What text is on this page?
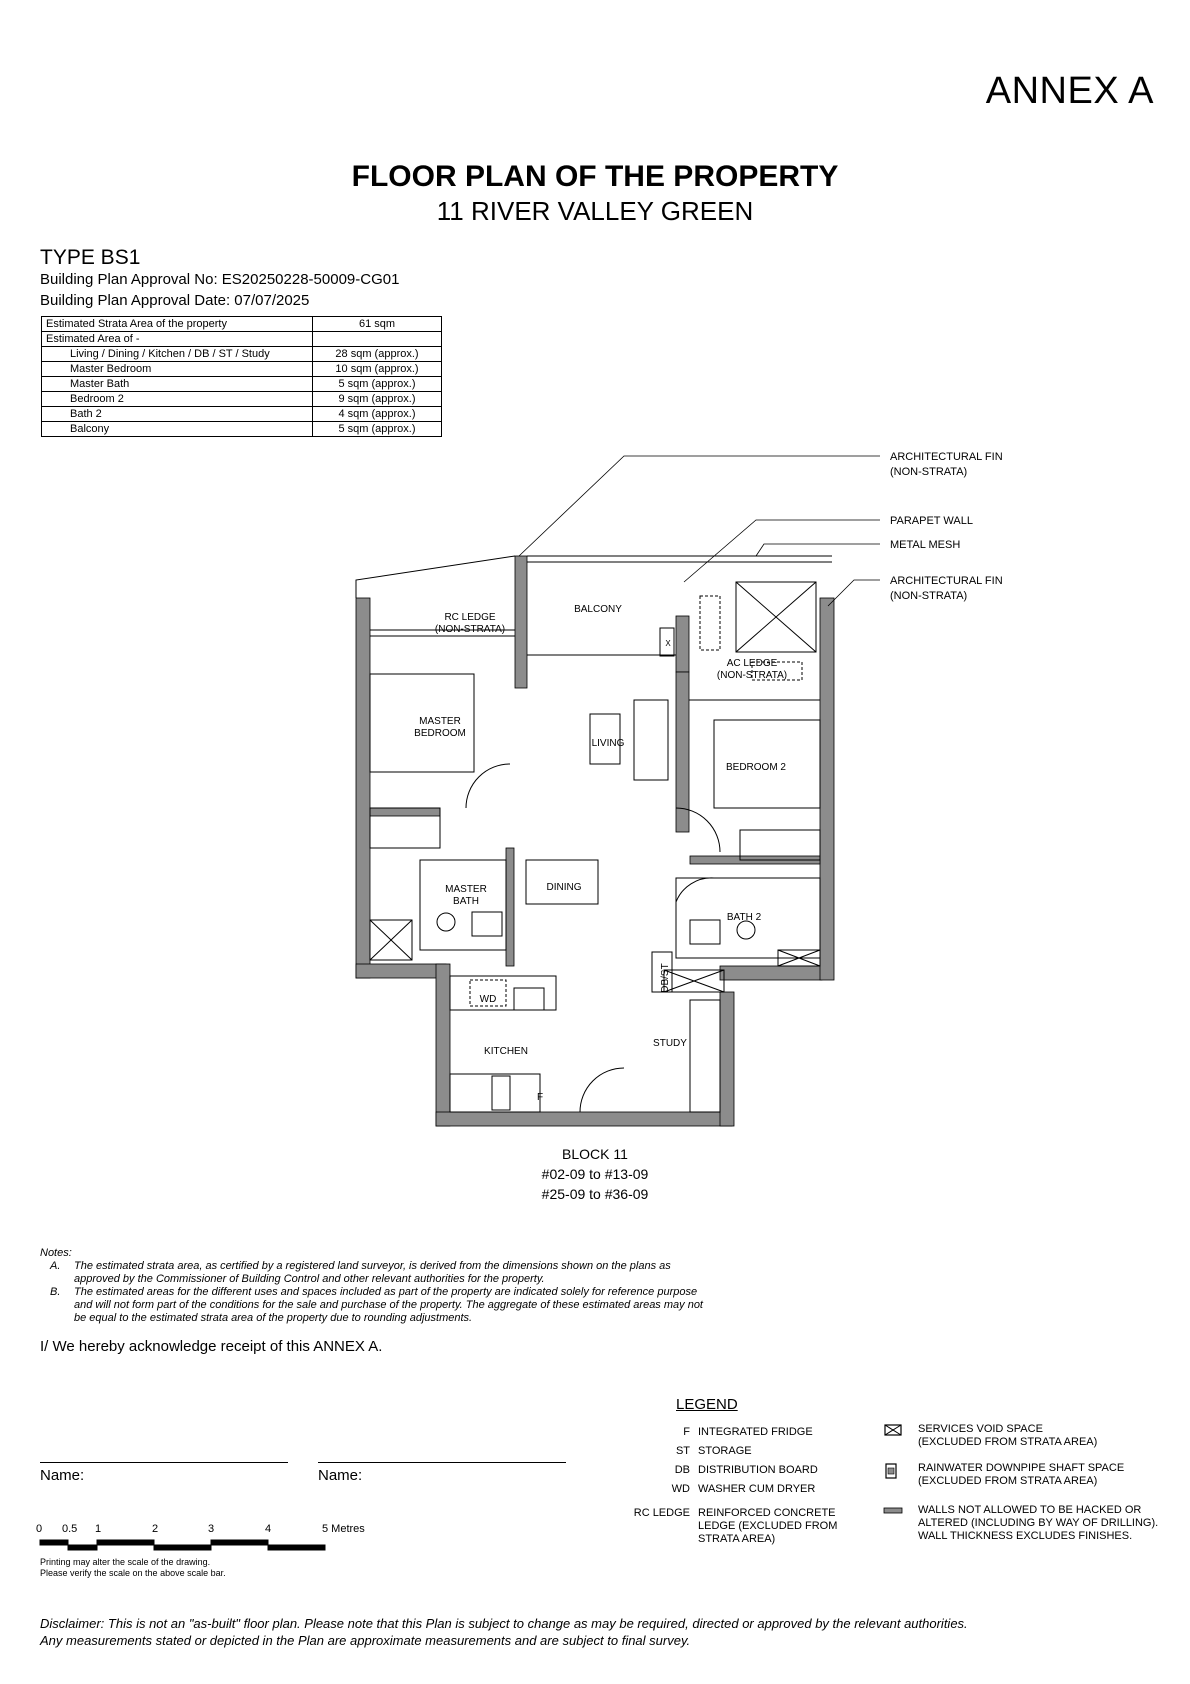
ANNEX A
FLOOR PLAN OF THE PROPERTY
11 RIVER VALLEY GREEN
TYPE BS1
Building Plan Approval No: ES20250228-50009-CG01
Building Plan Approval Date: 07/07/2025
Estimated Strata Area of the property	61 sqm
Estimated Area of -	
Living / Dining / Kitchen / DB / ST / Study	28 sqm (approx.)
Master Bedroom	10 sqm (approx.)
Master Bath	5 sqm (approx.)
Bedroom 2	9 sqm (approx.)
Bath 2	4 sqm (approx.)
Balcony	5 sqm (approx.)
ARCHITECTURAL FIN
(NON-STRATA)
PARAPET WALL
METAL MESH
ARCHITECTURAL FIN
(NON-STRATA)
RC LEDGE
(NON-STRATA)
BALCONY
AC LEDGE
(NON-STRATA)
MASTER
BEDROOM
LIVING
BEDROOM 2
MASTER
BATH
DINING
BATH 2
WD
KITCHEN
STUDY
F
X
DB/ST
BLOCK 11
#02-09 to #13-09
#25-09 to #36-09
Notes:
A.	The estimated strata area, as certified by a registered land surveyor, is derived from the dimensions shown on the plans as approved by the Commissioner of Building Control and other relevant authorities for the property.
B.	The estimated areas for the different uses and spaces included as part of the property are indicated solely for reference purpose and will not form part of the conditions for the sale and purchase of the property. The aggregate of these estimated areas may not be equal to the estimated strata area of the property due to rounding adjustments.
I/ We hereby acknowledge receipt of this ANNEX A.
Name:	Name:
0 0.5 1	2	3	4	5 Metres
Printing may alter the scale of the drawing.
Please verify the scale on the above scale bar.
LEGEND
F INTEGRATED FRIDGE
ST STORAGE
DB DISTRIBUTION BOARD
WD WASHER CUM DRYER
RC LEDGE REINFORCED CONCRETE
LEDGE (EXCLUDED FROM
STRATA AREA)
SERVICES VOID SPACE
(EXCLUDED FROM STRATA AREA)
RAINWATER DOWNPIPE SHAFT SPACE
(EXCLUDED FROM STRATA AREA)
WALLS NOT ALLOWED TO BE HACKED OR
ALTERED (INCLUDING BY WAY OF DRILLING).
WALL THICKNESS EXCLUDES FINISHES.
Disclaimer: This is not an "as-built" floor plan. Please note that this Plan is subject to change as may be required, directed or approved by the relevant authorities.
Any measurements stated or depicted in the Plan are approximate measurements and are subject to final survey.
